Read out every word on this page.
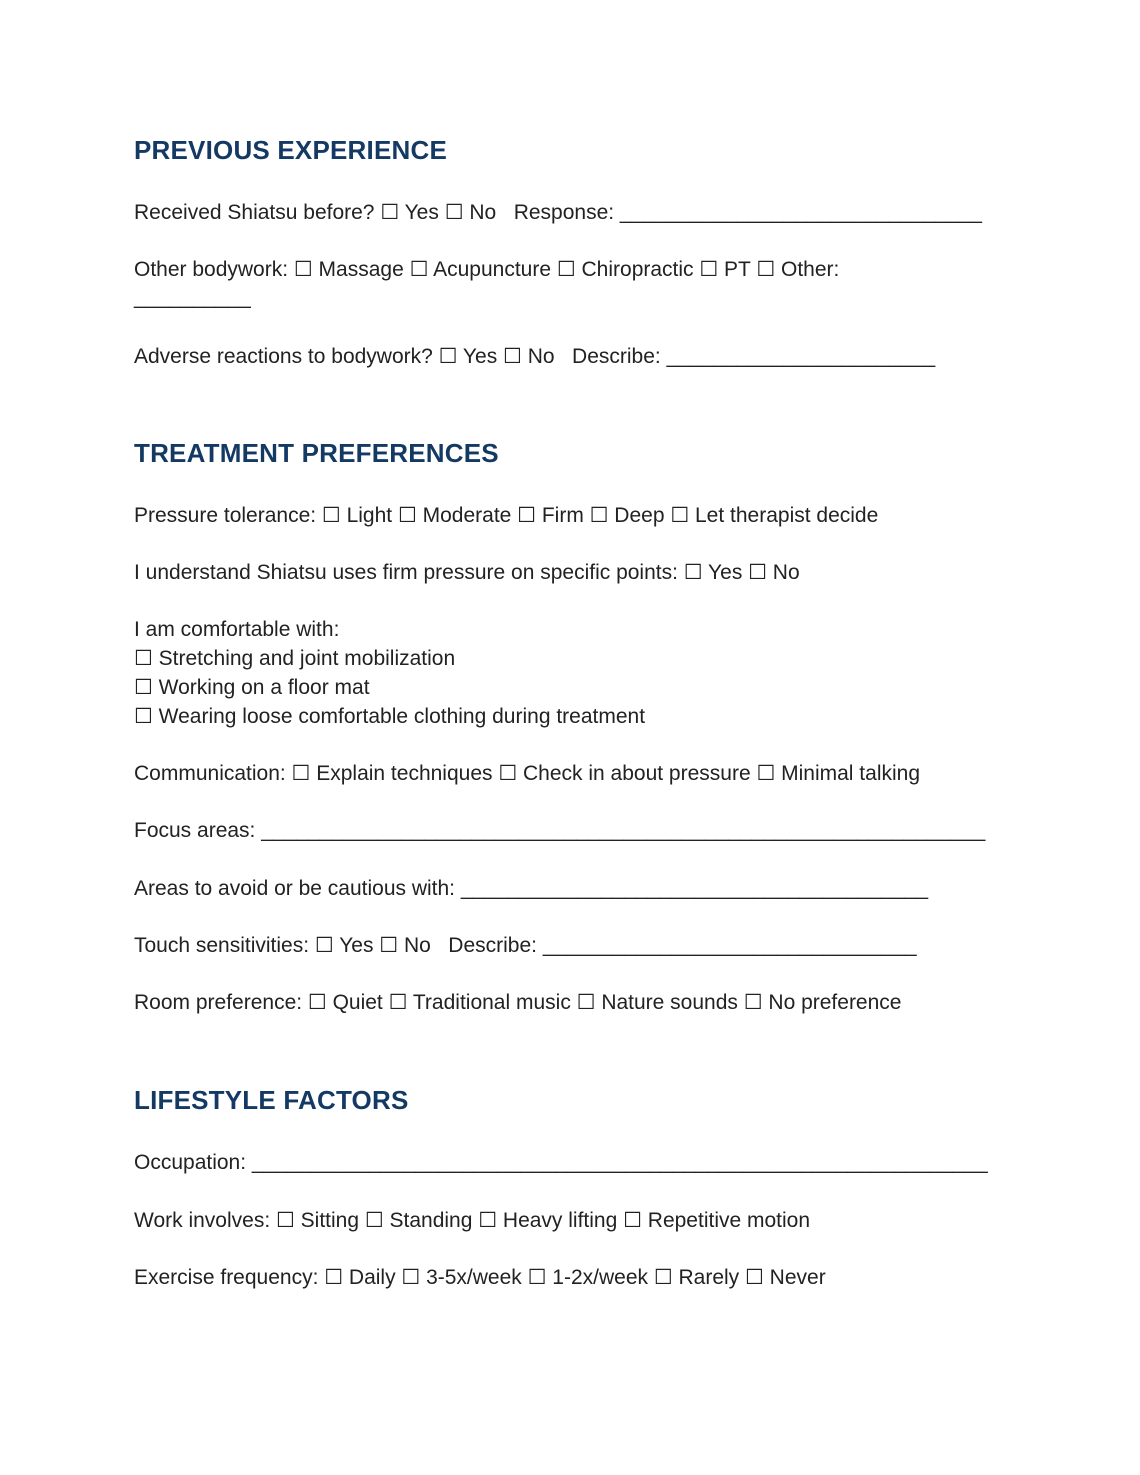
PREVIOUS EXPERIENCE
Received Shiatsu before? ☐ Yes ☐ No   Response: _______________________________
Other bodywork: ☐ Massage ☐ Acupuncture ☐ Chiropractic ☐ PT ☐ Other:
__________
Adverse reactions to bodywork? ☐ Yes ☐ No   Describe: _______________________
TREATMENT PREFERENCES
Pressure tolerance: ☐ Light ☐ Moderate ☐ Firm ☐ Deep ☐ Let therapist decide
I understand Shiatsu uses firm pressure on specific points: ☐ Yes ☐ No
I am comfortable with:
☐ Stretching and joint mobilization
☐ Working on a floor mat
☐ Wearing loose comfortable clothing during treatment
Communication: ☐ Explain techniques ☐ Check in about pressure ☐ Minimal talking
Focus areas: ______________________________________________________________
Areas to avoid or be cautious with: ________________________________________
Touch sensitivities: ☐ Yes ☐ No   Describe: ________________________________
Room preference: ☐ Quiet ☐ Traditional music ☐ Nature sounds ☐ No preference
LIFESTYLE FACTORS
Occupation: _______________________________________________________________
Work involves: ☐ Sitting ☐ Standing ☐ Heavy lifting ☐ Repetitive motion
Exercise frequency: ☐ Daily ☐ 3-5x/week ☐ 1-2x/week ☐ Rarely ☐ Never
